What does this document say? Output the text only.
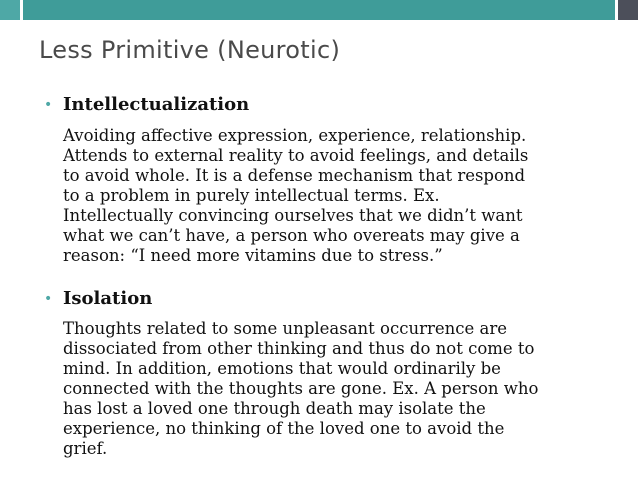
Less Primitive (Neurotic)
• Intellectualization
Avoiding affective expression, experience, relationship.
Attends to external reality to avoid feelings, and details
to avoid whole. It is a defense mechanism that respond
to a problem in purely intellectual terms. Ex.
Intellectually convincing ourselves that we didn’t want
what we can’t have, a person who overeats may give a
reason: “I need more vitamins due to stress.”
• Isolation
Thoughts related to some unpleasant occurrence are
dissociated from other thinking and thus do not come to
mind. In addition, emotions that would ordinarily be
connected with the thoughts are gone. Ex. A person who
has lost a loved one through death may isolate the
experience, no thinking of the loved one to avoid the
grief.
